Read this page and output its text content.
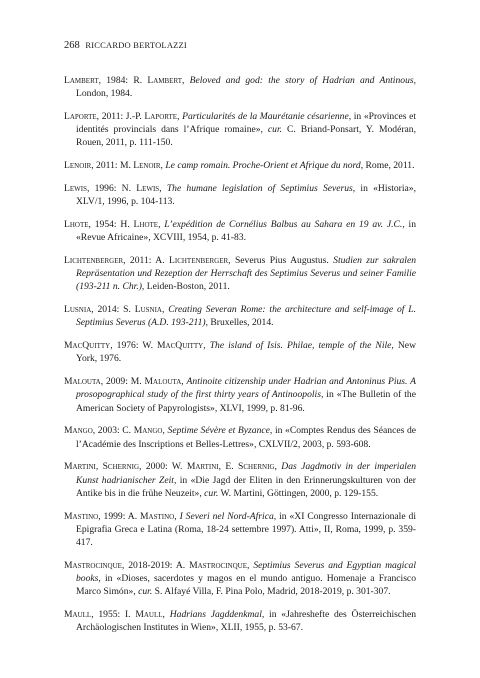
268 RICCARDO BERTOLAZZI

Lambert, 1984: R. Lambert, Beloved and god: the story of Hadrian and Antinous, London, 1984.

Laporte, 2011: J.-P. Laporte, Particularités de la Maurétanie césarienne, in «Provinces et identités provincials dans l’Afrique romaine», cur. C. Briand-Ponsart, Y. Modéran, Rouen, 2011, p. 111-150.

Lenoir, 2011: M. Lenoir, Le camp romain. Proche-Orient et Afrique du nord, Rome, 2011.

Lewis, 1996: N. Lewis, The humane legislation of Septimius Severus, in «Historia», XLV/1, 1996, p. 104-113.

Lhote, 1954: H. Lhote, L’expédition de Cornélius Balbus au Sahara en 19 av. J.C., in «Revue Africaine», XCVIII, 1954, p. 41-83.

Lichtenberger, 2011: A. Lichtenberger, Severus Pius Augustus. Studien zur sakralen Repräsentation und Rezeption der Herrschaft des Septimius Severus und seiner Familie (193-211 n. Chr.), Leiden-Boston, 2011.

Lusnia, 2014: S. Lusnia, Creating Severan Rome: the architecture and self-image of L. Septimius Severus (A.D. 193-211), Bruxelles, 2014.

MacQuitty, 1976: W. MacQuitty, The island of Isis. Philae, temple of the Nile, New York, 1976.

Malouta, 2009: M. Malouta, Antinoite citizenship under Hadrian and Antoninus Pius. A prosopographical study of the first thirty years of Antinoopolis, in «The Bulletin of the American Society of Papyrologists», XLVI, 1999, p. 81-96.

Mango, 2003: C. Mango, Septime Sévère et Byzance, in «Comptes Rendus des Séances de l’Académie des Inscriptions et Belles-Lettres», CXLVII/2, 2003, p. 593-608.

Martini, Schernig, 2000: W. Martini, E. Schernig, Das Jagdmotiv in der imperialen Kunst hadrianischer Zeit, in «Die Jagd der Eliten in den Erinnerungskulturen von der Antike bis in die frühe Neuzeit», cur. W. Martini, Göttingen, 2000, p. 129-155.

Mastino, 1999: A. Mastino, I Severi nel Nord-Africa, in «XI Congresso Internazionale di Epigrafia Greca e Latina (Roma, 18-24 settembre 1997). Atti», II, Roma, 1999, p. 359-417.

Mastrocinque, 2018-2019: A. Mastrocinque, Septimius Severus and Egyptian magical books, in «Dioses, sacerdotes y magos en el mundo antiguo. Homenaje a Francisco Marco Simón», cur. S. Alfayé Villa, F. Pina Polo, Madrid, 2018-2019, p. 301-307.

Maull, 1955: I. Maull, Hadrians Jagddenkmal, in «Jahreshefte des Österreichischen Archäologischen Institutes in Wien», XLII, 1955, p. 53-67.
